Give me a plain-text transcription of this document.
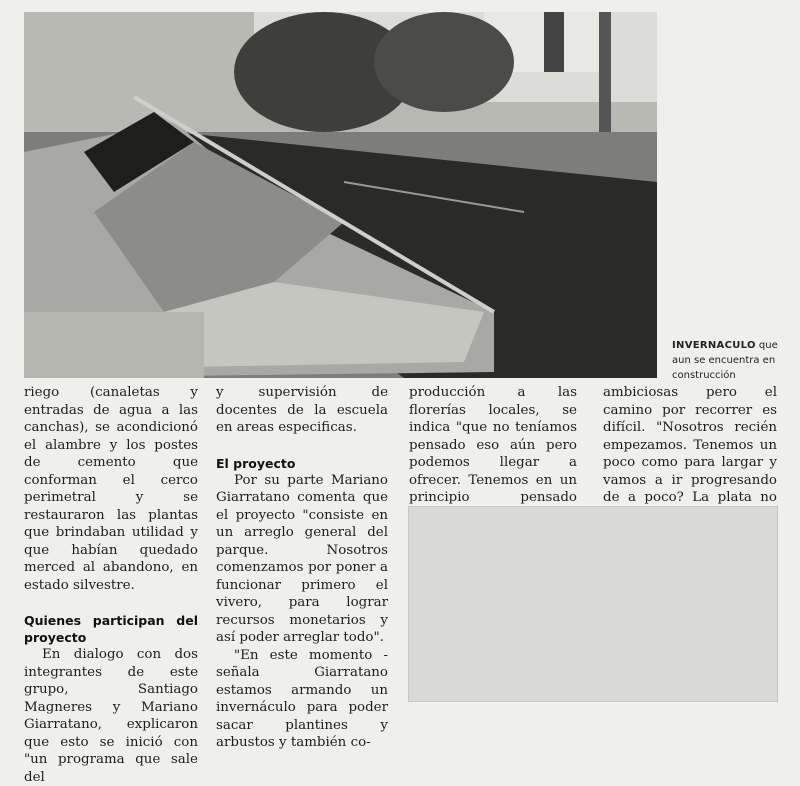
INVERNACULO que aun se encuentra en construcción

riego (canaletas y entradas de agua a las canchas), se acondicionó el alambre y los postes de cemento que conforman el cerco perimetral y se restauraron las plantas que brindaban utilidad y que habían quedado merced al abandono, en estado silvestre.

Quienes participan del proyecto

En dialogo con dos integrantes de este grupo, Santiago Magneres y Mariano Giarratano, explicaron que esto se inició con "un programa que sale del

y supervisión de docentes de la escuela en areas especificas.

El proyecto

Por su parte Mariano Giarratano comenta que el proyecto "consiste en un arreglo general del parque. Nosotros comenzamos por poner a funcionar primero el vivero, para lograr recursos monetarios y así poder arreglar todo".

"En este momento -señala Giarratano estamos armando un invernáculo para poder sacar plantines y arbustos y también co-

producción a las florerías locales, se indica "que no teníamos pensado eso aún pero podemos llegar a ofrecer. Tenemos en un principio pensado

ambiciosas pero el camino por recorrer es difícil. "Nosotros recién empezamos. Tenemos un poco como para largar y vamos a ir progresando de a poco? La plata no
